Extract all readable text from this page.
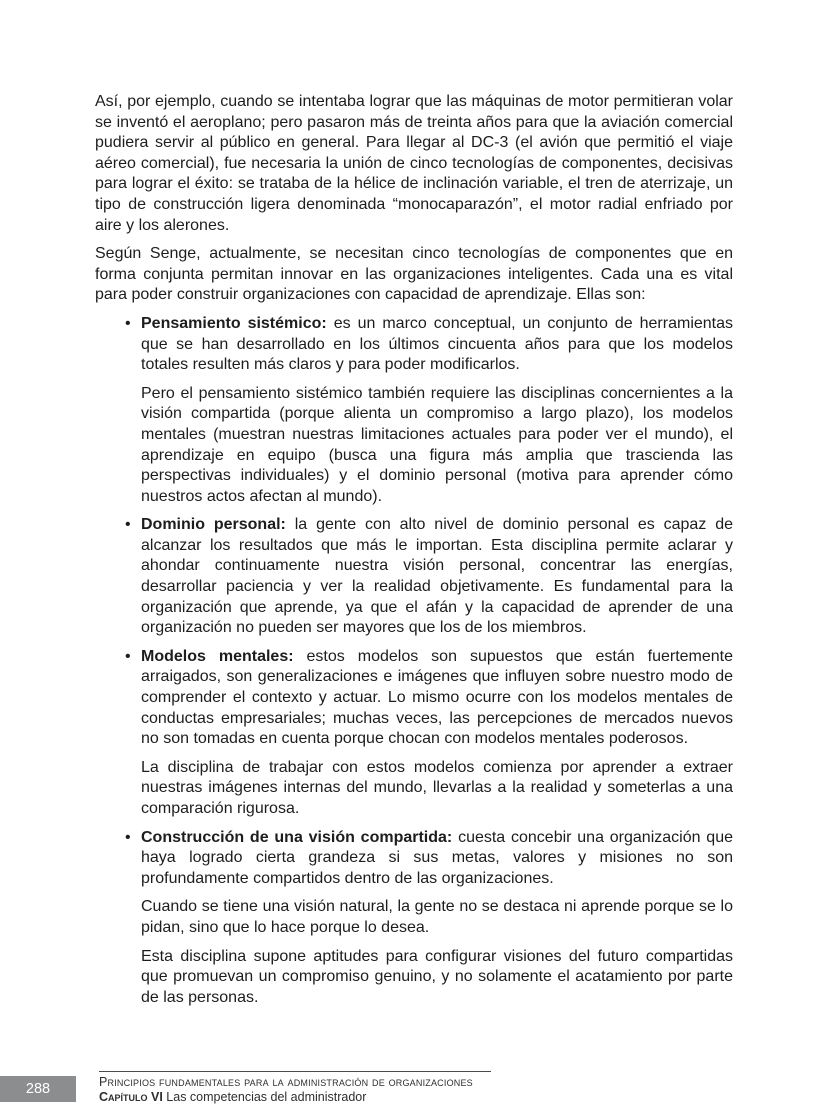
Así, por ejemplo, cuando se intentaba lograr que las máquinas de motor permitieran volar se inventó el aeroplano; pero pasaron más de treinta años para que la aviación comercial pudiera servir al público en general. Para llegar al DC-3 (el avión que permitió el viaje aéreo comercial), fue necesaria la unión de cinco tecnologías de componentes, decisivas para lograr el éxito: se trataba de la hélice de inclinación variable, el tren de aterrizaje, un tipo de construcción ligera denominada “monocaparazón”, el motor radial enfriado por aire y los alerones.

Según Senge, actualmente, se necesitan cinco tecnologías de componentes que en forma conjunta permitan innovar en las organizaciones inteligentes. Cada una es vital para poder construir organizaciones con capacidad de aprendizaje. Ellas son:

• Pensamiento sistémico: es un marco conceptual, un conjunto de herramientas que se han desarrollado en los últimos cincuenta años para que los modelos totales resulten más claros y para poder modificarlos.

Pero el pensamiento sistémico también requiere las disciplinas concernientes a la visión compartida (porque alienta un compromiso a largo plazo), los modelos mentales (muestran nuestras limitaciones actuales para poder ver el mundo), el aprendizaje en equipo (busca una figura más amplia que trascienda las perspectivas individuales) y el dominio personal (motiva para aprender cómo nuestros actos afectan al mundo).

• Dominio personal: la gente con alto nivel de dominio personal es capaz de alcanzar los resultados que más le importan. Esta disciplina permite aclarar y ahondar continuamente nuestra visión personal, concentrar las energías, desarrollar paciencia y ver la realidad objetivamente. Es fundamental para la organización que aprende, ya que el afán y la capacidad de aprender de una organización no pueden ser mayores que los de los miembros.

• Modelos mentales: estos modelos son supuestos que están fuertemente arraigados, son generalizaciones e imágenes que influyen sobre nuestro modo de comprender el contexto y actuar. Lo mismo ocurre con los modelos mentales de conductas empresariales; muchas veces, las percepciones de mercados nuevos no son tomadas en cuenta porque chocan con modelos mentales poderosos.

La disciplina de trabajar con estos modelos comienza por aprender a extraer nuestras imágenes internas del mundo, llevarlas a la realidad y someterlas a una comparación rigurosa.

• Construcción de una visión compartida: cuesta concebir una organización que haya logrado cierta grandeza si sus metas, valores y misiones no son profundamente compartidos dentro de las organizaciones.

Cuando se tiene una visión natural, la gente no se destaca ni aprende porque se lo pidan, sino que lo hace porque lo desea.

Esta disciplina supone aptitudes para configurar visiones del futuro compartidas que promuevan un compromiso genuino, y no solamente el acatamiento por parte de las personas.

288	Principios fundamentales para la administración de organizaciones
Capítulo VI Las competencias del administrador
